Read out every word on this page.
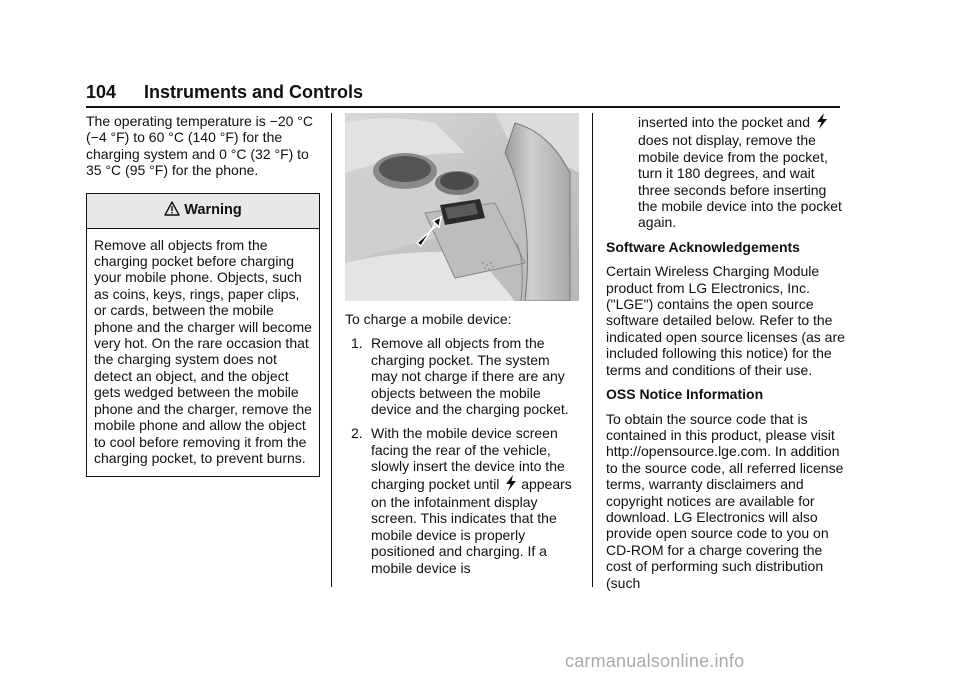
104 Instruments and Controls

The operating temperature is −20 °C (−4 °F) to 60 °C (140 °F) for the charging system and 0 °C (32 °F) to 35 °C (95 °F) for the phone.

Warning
Remove all objects from the charging pocket before charging your mobile phone. Objects, such as coins, keys, rings, paper clips, or cards, between the mobile phone and the charger will become very hot. On the rare occasion that the charging system does not detect an object, and the object gets wedged between the mobile phone and the charger, remove the mobile phone and allow the object to cool before removing it from the charging pocket, to prevent burns.

To charge a mobile device:

1. Remove all objects from the charging pocket. The system may not charge if there are any objects between the mobile device and the charging pocket.
2. With the mobile device screen facing the rear of the vehicle, slowly insert the device into the charging pocket until appears on the infotainment display screen. This indicates that the mobile device is properly positioned and charging. If a mobile device is

inserted into the pocket and  does not display, remove the mobile device from the pocket, turn it 180 degrees, and wait three seconds before inserting the mobile device into the pocket again.

Software Acknowledgements

Certain Wireless Charging Module product from LG Electronics, Inc. ("LGE") contains the open source software detailed below. Refer to the indicated open source licenses (as are included following this notice) for the terms and conditions of their use.

OSS Notice Information

To obtain the source code that is contained in this product, please visit http://opensource.lge.com. In addition to the source code, all referred license terms, warranty disclaimers and copyright notices are available for download. LG Electronics will also provide open source code to you on CD-ROM for a charge covering the cost of performing such distribution (such

carmanualsonline.info
